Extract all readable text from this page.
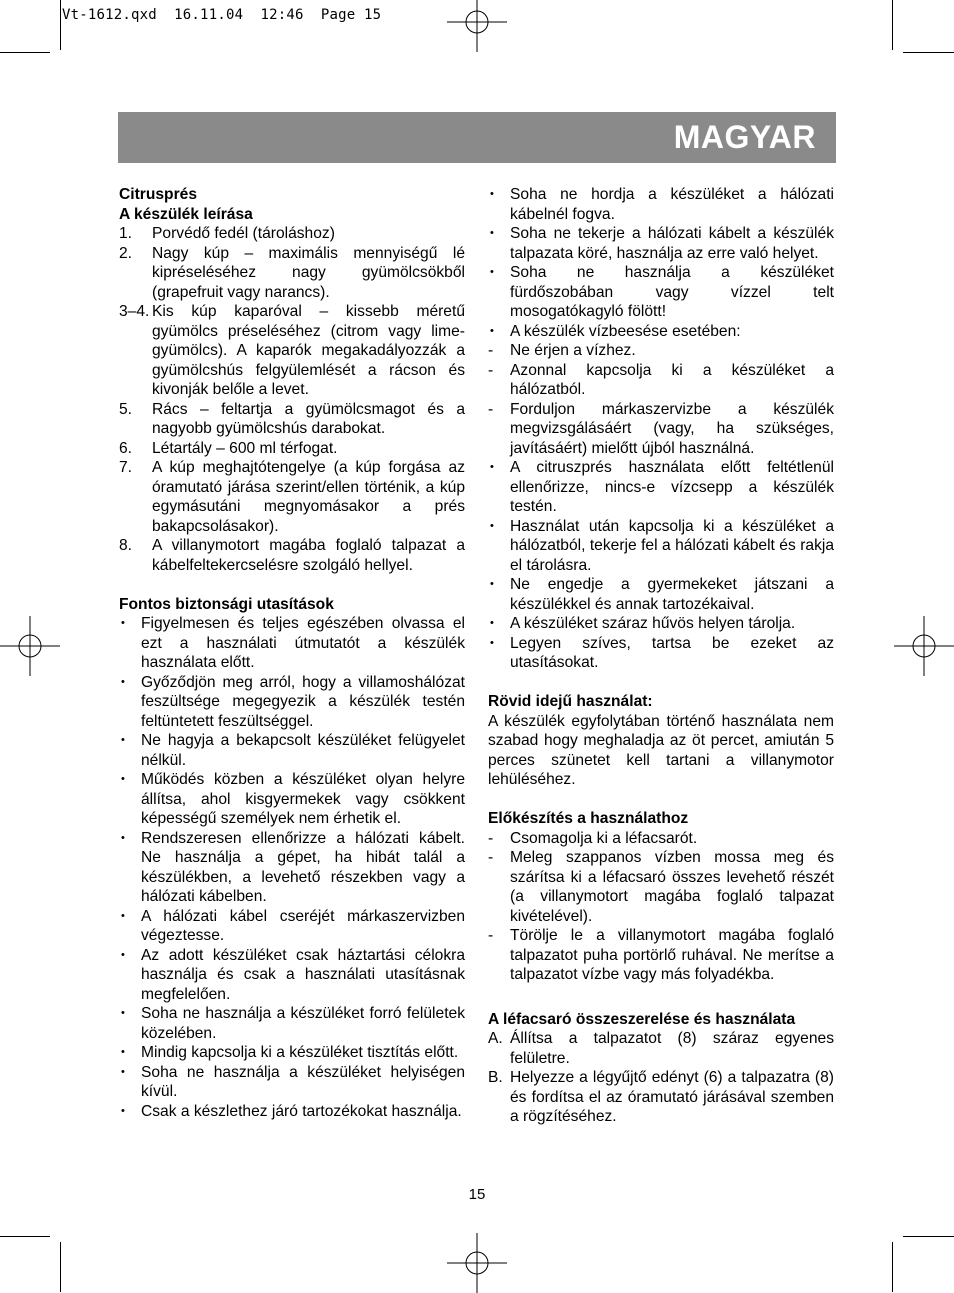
Vt-1612.qxd  16.11.04  12:46  Page 15
MAGYAR

Citrusprés

A készülék leírása

1. Porvédő fedél (tároláshoz)
2. Nagy kúp – maximális mennyiségű lé kipréseléséhez nagy gyümölcsökből (grapefruit vagy narancs).
3–4. Kis kúp kaparóval – kissebb méretű gyümölcs préseléséhez (citrom vagy lime-gyümölcs). A kaparók megakadályozzák a gyümölcshús felgyülemlését a rácson és kivonják belőle a levet.
5. Rács – feltartja a gyümölcsmagot és a nagyobb gyümölcshús darabokat.
6. Létartály – 600 ml térfogat.
7. A kúp meghajtótengelye (a kúp forgása az óramutató járása szerint/ellen történik, a kúp egymásutáni megnyomásakor a prés bakapcsolásakor).
8. A villanymotort magába foglaló talpazat a kábelfeltekercselésre szolgáló hellyel.

Fontos biztonsági utasítások

• Figyelmesen és teljes egészében olvassa el ezt a használati útmutatót a készülék használata előtt.
• Győződjön meg arról, hogy a villamoshálózat feszültsége megegyezik a készülék testén feltüntetett feszültséggel.
• Ne hagyja a bekapcsolt készüléket felügyelet nélkül.
• Működés közben a készüléket olyan helyre állítsa, ahol kisgyermekek vagy csökkent képességű személyek nem érhetik el.
• Rendszeresen ellenőrizze a hálózati kábelt. Ne használja a gépet, ha hibát talál a készülékben, a levehető részekben vagy a hálózati kábelben.
• A hálózati kábel cseréjét márkaszervizben végeztesse.
• Az adott készüléket csak háztartási célokra használja és csak a használati utasításnak megfelelően.
• Soha ne használja a készüléket forró felületek közelében.
• Mindig kapcsolja ki a készüléket tisztítás előtt.
• Soha ne használja a készüléket helyiségen kívül.
• Csak a készlethez járó tartozékokat használja.
• Soha ne hordja a készüléket a hálózati kábelnél fogva.
• Soha ne tekerje a hálózati kábelt a készülék talpazata köré, használja az erre való helyet.
• Soha ne használja a készüléket fürdőszobában vagy vízzel telt mosogatókagyló fölött!
• A készülék vízbeesése esetében:
- Ne érjen a vízhez.
- Azonnal kapcsolja ki a készüléket a hálózatból.
- Forduljon márkaszervizbe a készülék megvizsgálásáért (vagy, ha szükséges, javításáért) mielőtt újból használná.
• A citruszprés használata előtt feltétlenül ellenőrizze, nincs-e vízcsepp a készülék testén.
• Használat után kapcsolja ki a készüléket a hálózatból, tekerje fel a hálózati kábelt és rakja el tárolásra.
• Ne engedje a gyermekeket játszani a készülékkel és annak tartozékaival.
• A készüléket száraz hűvös helyen tárolja.
• Legyen szíves, tartsa be ezeket az utasításokat.

Rövid idejű használat:

A készülék egyfolytában történő használata nem szabad hogy meghaladja az öt percet, amiután 5 perces szünetet kell tartani a villanymotor lehüléséhez.

Előkészítés a használathoz

- Csomagolja ki a léfacsarót.
- Meleg szappanos vízben mossa meg és szárítsa ki a léfacsaró összes levehető részét (a villanymotort magába foglaló talpazat kivételével).
- Törölje le a villanymotort magába foglaló talpazatot puha portörlő ruhával. Ne merítse a talpazatot vízbe vagy más folyadékba.

A léfacsaró összeszerelése és használata

A. Állítsa a talpazatot (8) száraz egyenes felületre.
B. Helyezze a légyűjtő edényt (6) a talpazatra (8) és fordítsa el az óramutató járásával szemben a rögzítéséhez.
15
